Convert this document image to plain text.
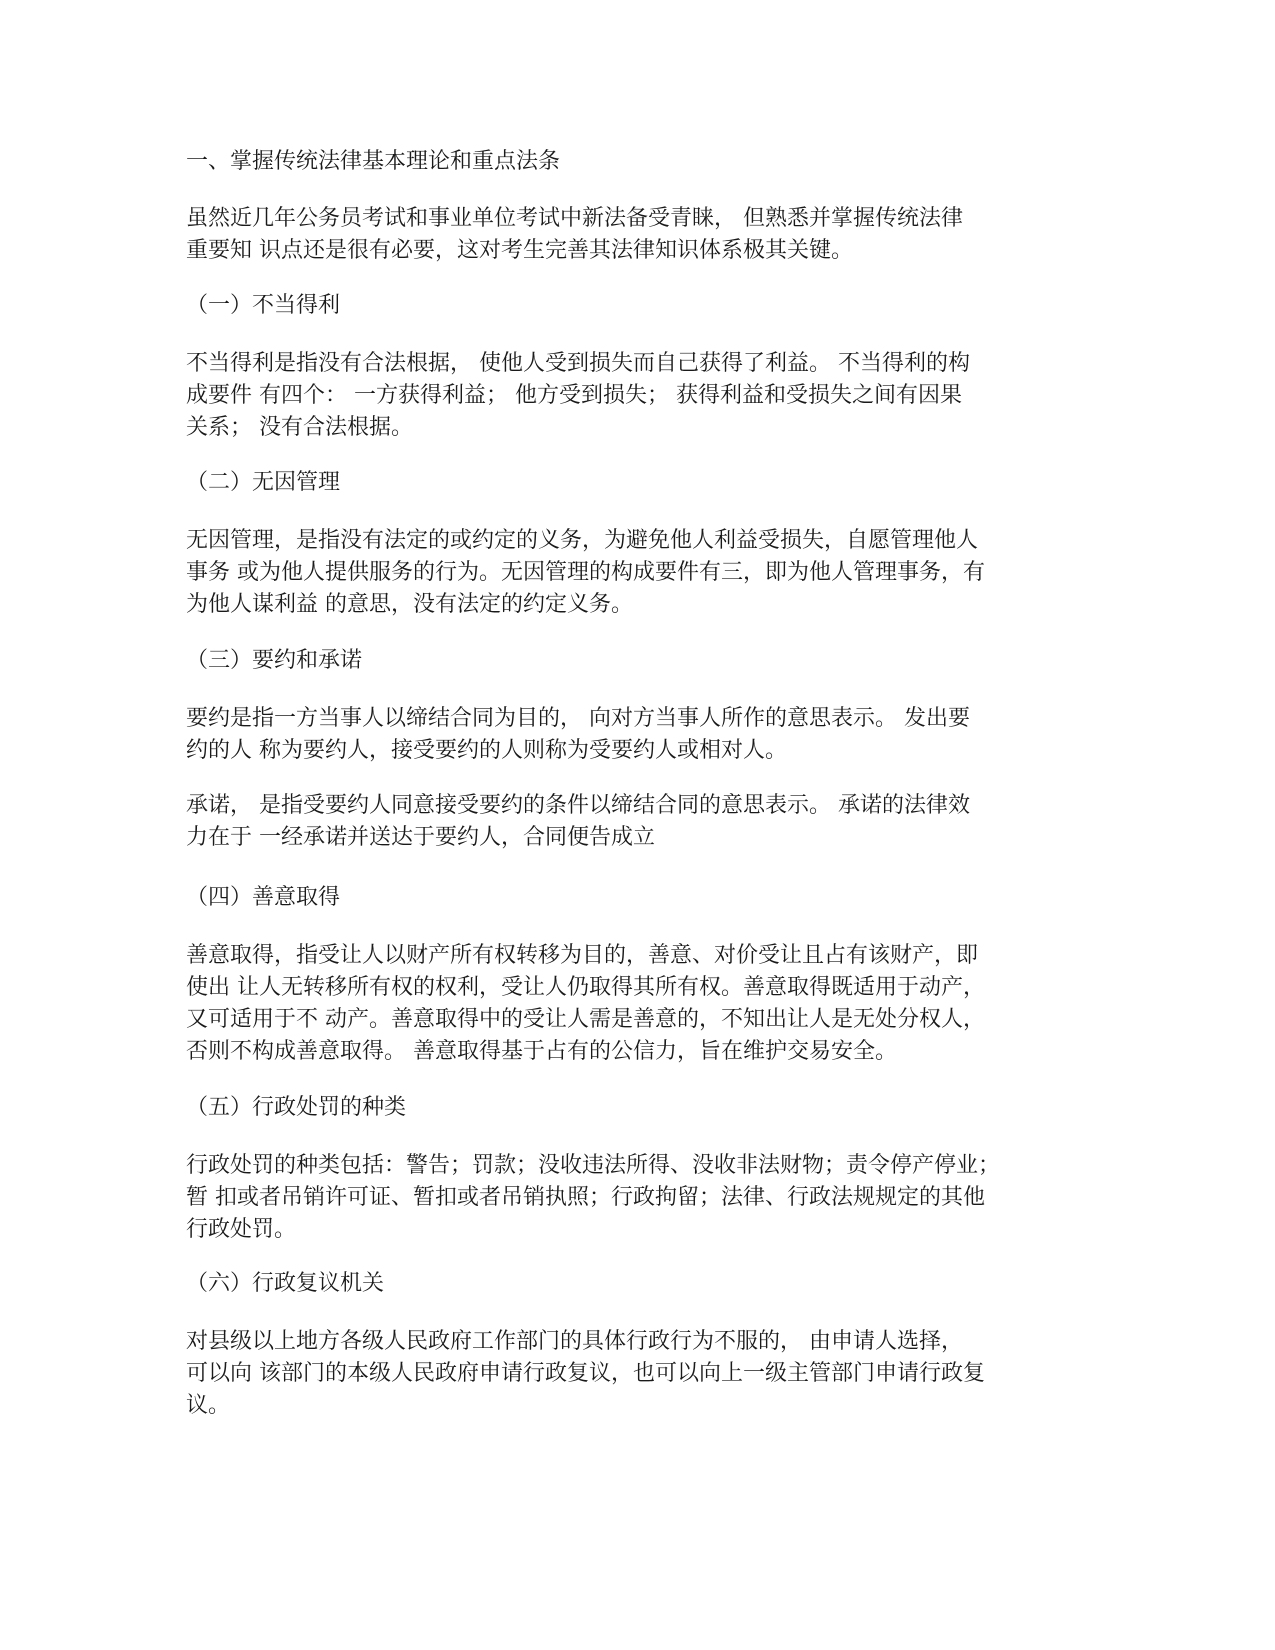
一、掌握传统法律基本理论和重点法条
虽然近几年公务员考试和事业单位考试中新法备受青睐， 但熟悉并掌握传统法律
重要知 识点还是很有必要，这对考生完善其法律知识体系极其关键。
（一）不当得利
不当得利是指没有合法根据， 使他人受到损失而自己获得了利益。 不当得利的构
成要件 有四个： 一方获得利益； 他方受到损失； 获得利益和受损失之间有因果
关系； 没有合法根据。
（二）无因管理
无因管理，是指没有法定的或约定的义务，为避免他人利益受损失，自愿管理他人
事务 或为他人提供服务的行为。无因管理的构成要件有三，即为他人管理事务，有
为他人谋利益 的意思，没有法定的约定义务。
（三）要约和承诺
要约是指一方当事人以缔结合同为目的， 向对方当事人所作的意思表示。 发出要
约的人 称为要约人，接受要约的人则称为受要约人或相对人。
承诺， 是指受要约人同意接受要约的条件以缔结合同的意思表示。 承诺的法律效
力在于 一经承诺并送达于要约人，合同便告成立
（四）善意取得
善意取得，指受让人以财产所有权转移为目的，善意、对价受让且占有该财产，即
使出 让人无转移所有权的权利，受让人仍取得其所有权。善意取得既适用于动产，
又可适用于不 动产。善意取得中的受让人需是善意的，不知出让人是无处分权人，
否则不构成善意取得。 善意取得基于占有的公信力，旨在维护交易安全。
（五）行政处罚的种类
行政处罚的种类包括：警告；罚款；没收违法所得、没收非法财物；责令停产停业；
暂 扣或者吊销许可证、暂扣或者吊销执照；行政拘留；法律、行政法规规定的其他
行政处罚。
（六）行政复议机关
对县级以上地方各级人民政府工作部门的具体行政行为不服的， 由申请人选择，
可以向 该部门的本级人民政府申请行政复议，也可以向上一级主管部门申请行政复
议。
